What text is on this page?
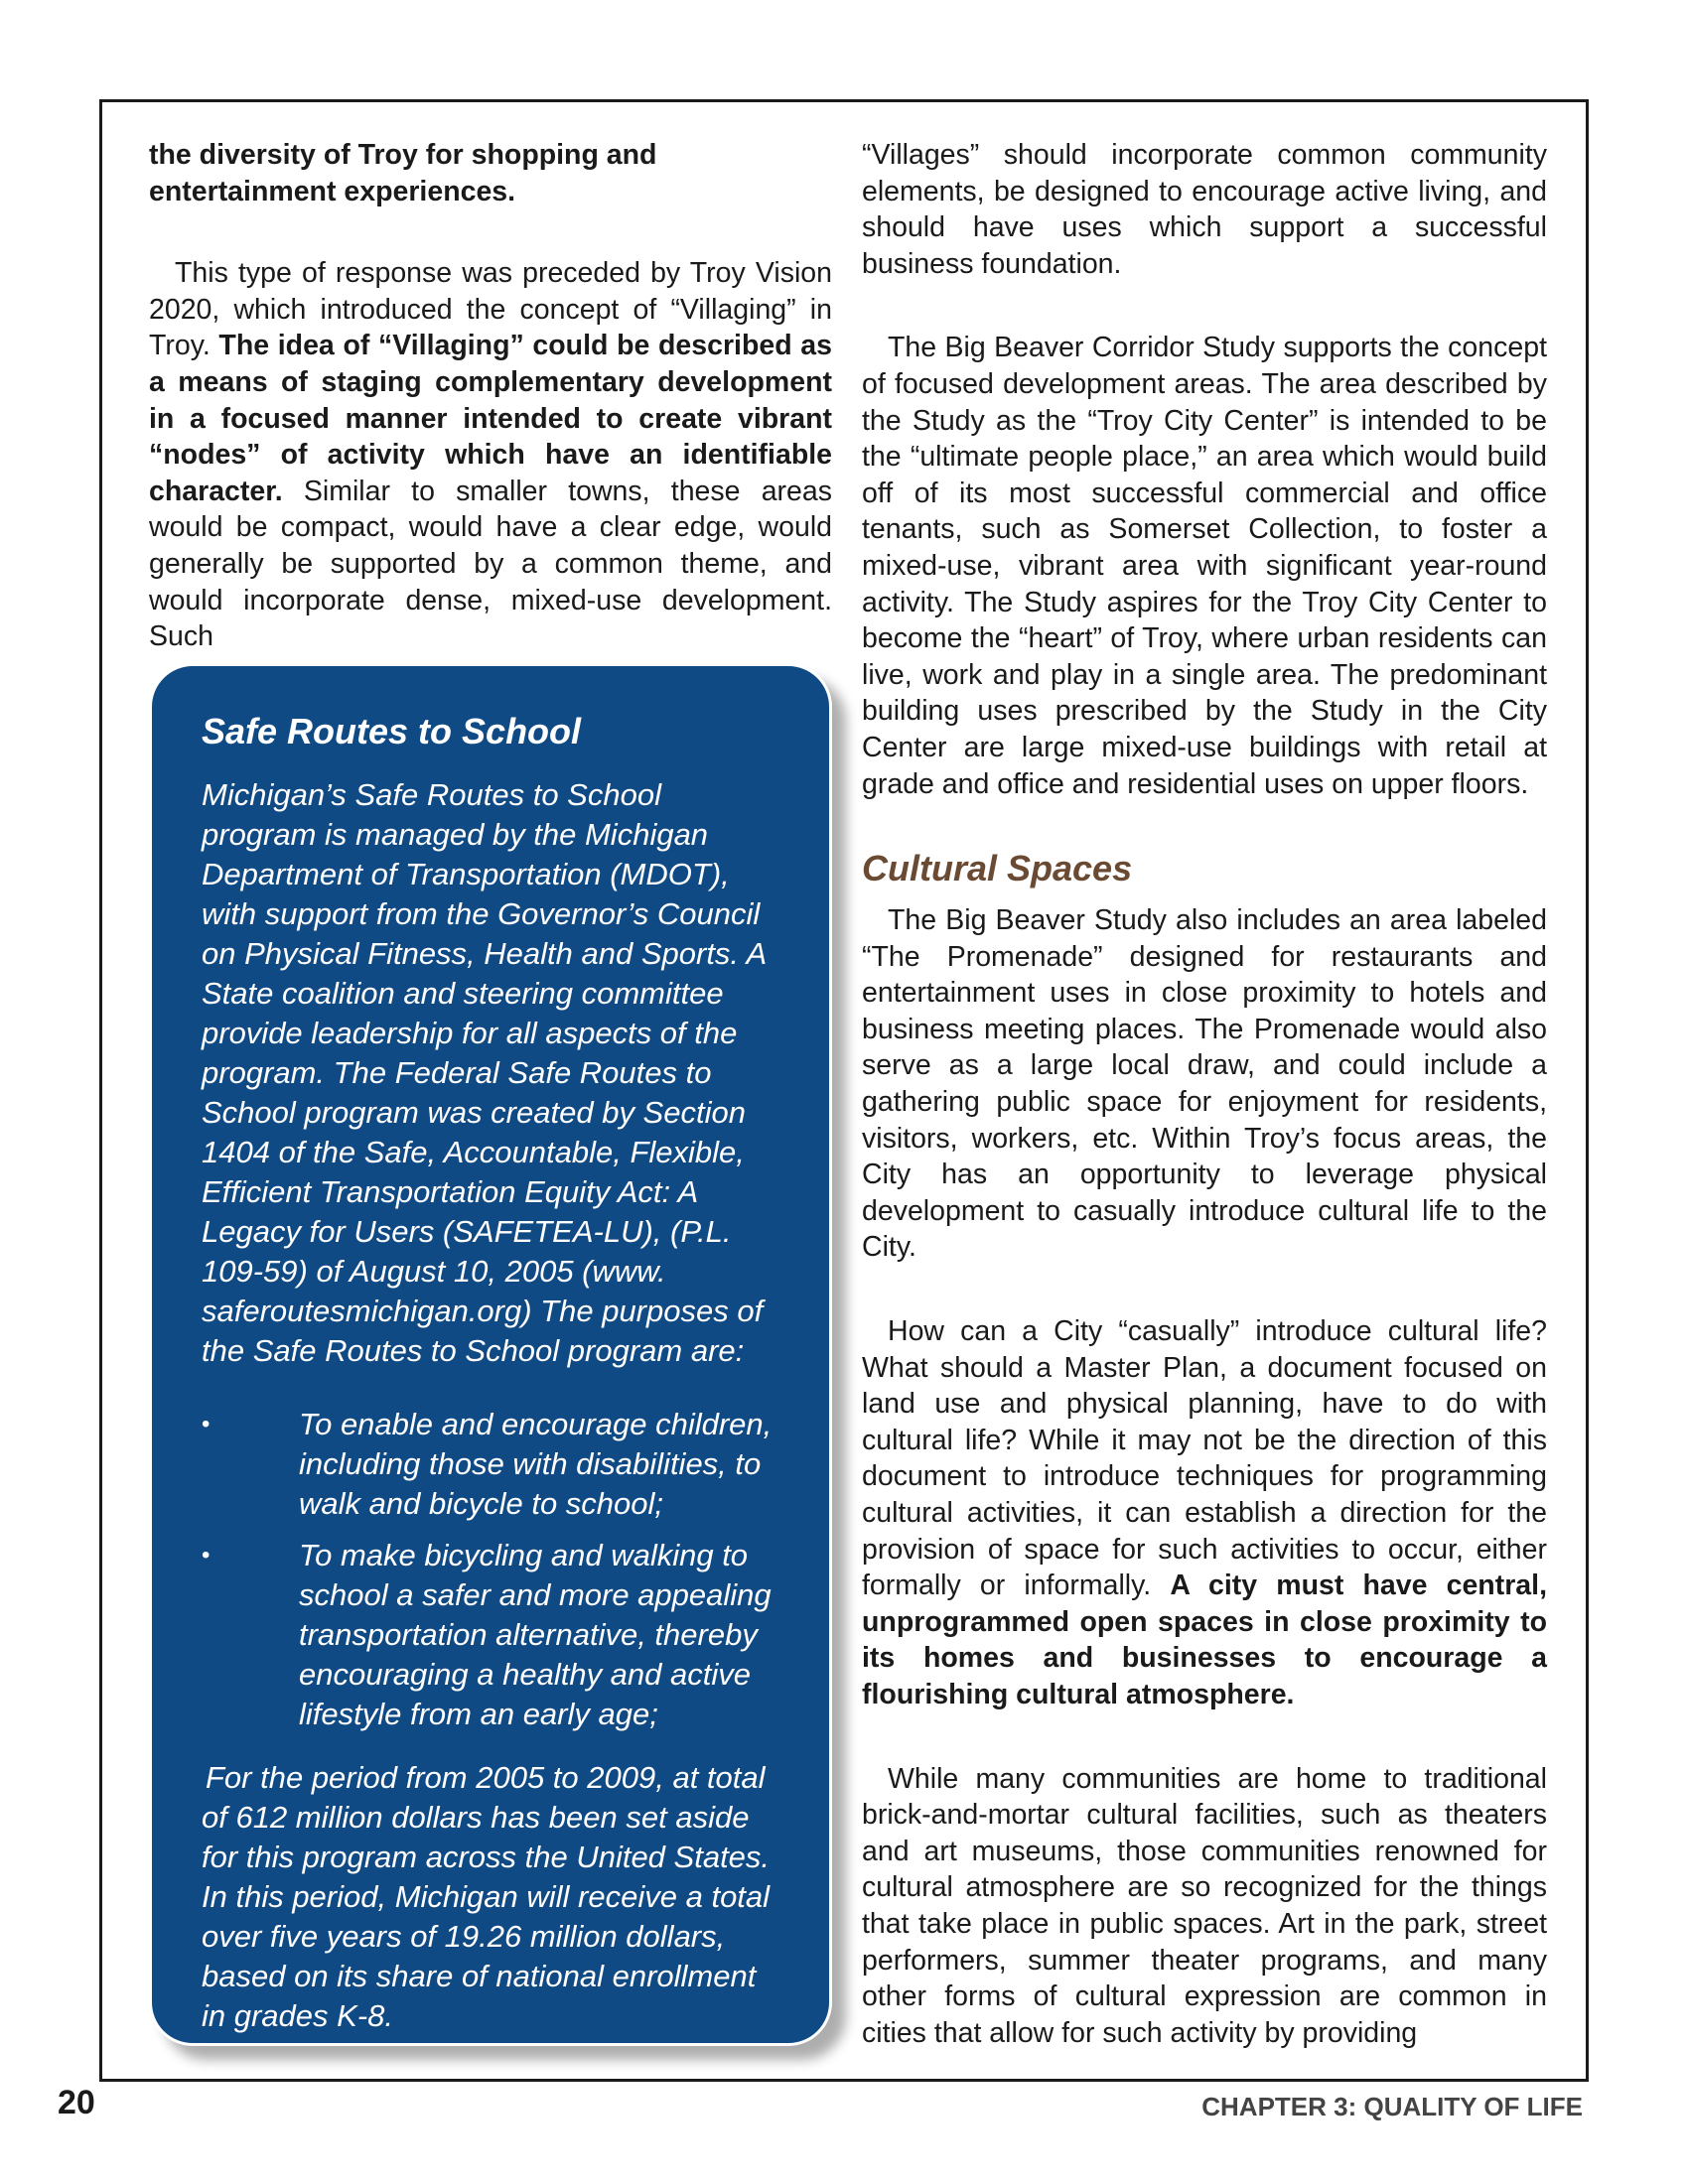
the diversity of Troy for shopping and entertainment experiences.

This type of response was preceded by Troy Vision 2020, which introduced the concept of “Villaging” in Troy. The idea of “Villaging” could be described as a means of staging complementary development in a focused manner intended to create vibrant “nodes” of activity which have an identifiable character. Similar to smaller towns, these areas would be compact, would have a clear edge, would generally be supported by a common theme, and would incorporate dense, mixed-use development. Such

Safe Routes to School

Michigan’s Safe Routes to School program is managed by the Michigan Department of Transportation (MDOT), with support from the Governor’s Council on Physical Fitness, Health and Sports. A State coalition and steering committee provide leadership for all aspects of the program. The Federal Safe Routes to School program was created by Section 1404 of the Safe, Accountable, Flexible, Efficient Transportation Equity Act: A Legacy for Users (SAFETEA-LU), (P.L. 109-59) of August 10, 2005 (www. saferoutesmichigan.org) The purposes of the Safe Routes to School program are:

•	To enable and encourage children, including those with disabilities, to walk and bicycle to school;
•	To make bicycling and walking to school a safer and more appealing transportation alternative, thereby encouraging a healthy and active lifestyle from an early age;

For the period from 2005 to 2009, at total of 612 million dollars has been set aside for this program across the United States. In this period, Michigan will receive a total over five years of 19.26 million dollars, based on its share of national enrollment in grades K-8.

“Villages” should incorporate common community elements, be designed to encourage active living, and should have uses which support a successful business foundation.

The Big Beaver Corridor Study supports the concept of focused development areas. The area described by the Study as the “Troy City Center” is intended to be the “ultimate people place,” an area which would build off of its most successful commercial and office tenants, such as Somerset Collection, to foster a mixed-use, vibrant area with significant year-round activity. The Study aspires for the Troy City Center to become the “heart” of Troy, where urban residents can live, work and play in a single area. The predominant building uses prescribed by the Study in the City Center are large mixed-use buildings with retail at grade and office and residential uses on upper floors.

Cultural Spaces

The Big Beaver Study also includes an area labeled “The Promenade” designed for restaurants and entertainment uses in close proximity to hotels and business meeting places. The Promenade would also serve as a large local draw, and could include a gathering public space for enjoyment for residents, visitors, workers, etc. Within Troy’s focus areas, the City has an opportunity to leverage physical development to casually introduce cultural life to the City.

How can a City “casually” introduce cultural life? What should a Master Plan, a document focused on land use and physical planning, have to do with cultural life? While it may not be the direction of this document to introduce techniques for programming cultural activities, it can establish a direction for the provision of space for such activities to occur, either formally or informally. A city must have central, unprogrammed open spaces in close proximity to its homes and businesses to encourage a flourishing cultural atmosphere.

While many communities are home to traditional brick-and-mortar cultural facilities, such as theaters and art museums, those communities renowned for cultural atmosphere are so recognized for the things that take place in public spaces. Art in the park, street performers, summer theater programs, and many other forms of cultural expression are common in cities that allow for such activity by providing

20	CHAPTER 3: QUALITY OF LIFE
